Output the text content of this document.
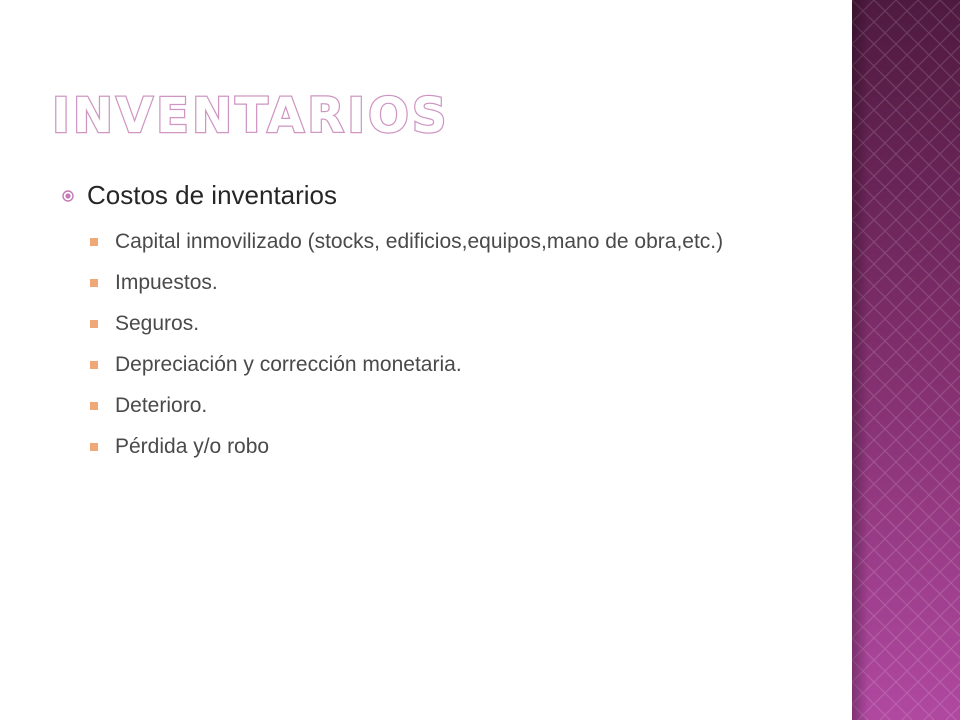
INVENTARIOS
Costos de inventarios
Capital inmovilizado (stocks, edificios,equipos,mano de obra,etc.)
Impuestos.
Seguros.
Depreciación y corrección monetaria.
Deterioro.
Pérdida y/o robo
